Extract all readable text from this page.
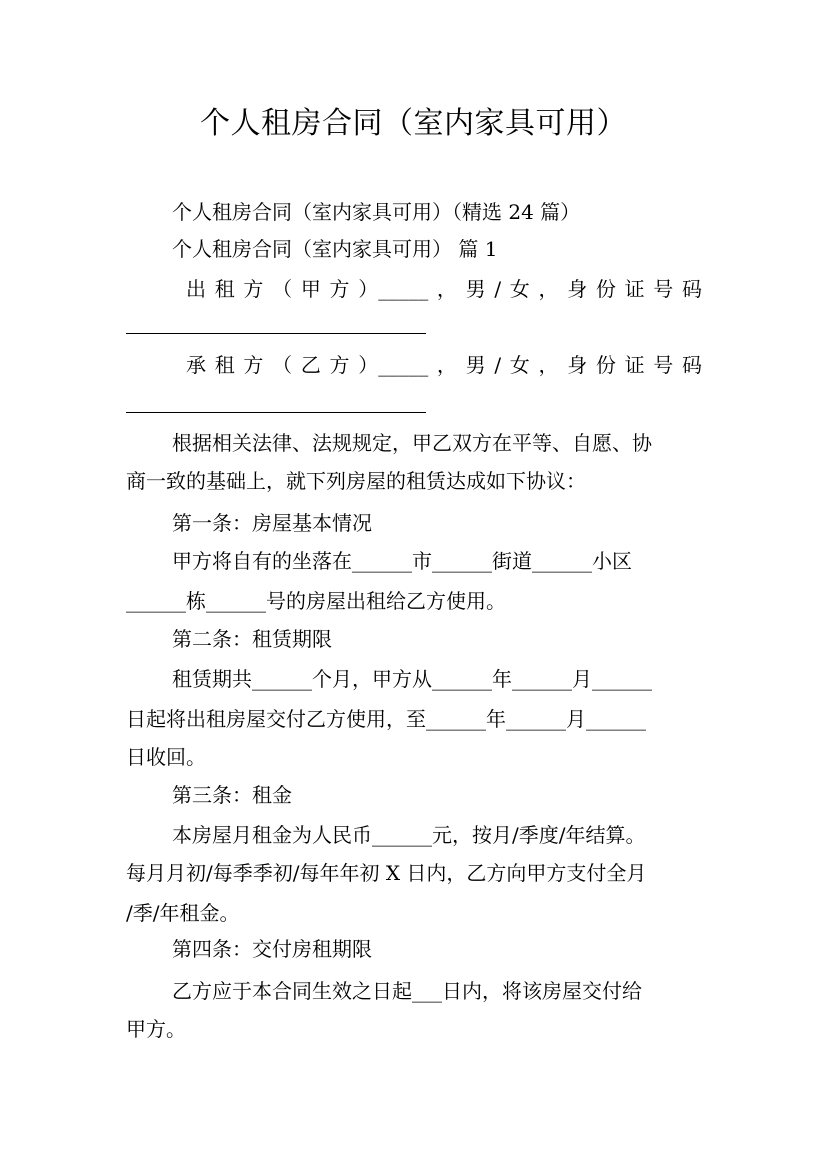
个人租房合同（室内家具可用）
个人租房合同（室内家具可用）（精选 24 篇）
个人租房合同（室内家具可用） 篇 1
出 租 方 （ 甲 方 ）_____ ， 男 / 女 ， 身 份 证 号 码
承 租 方 （ 乙 方 ）_____ ， 男 / 女 ， 身 份 证 号 码
根据相关法律、法规规定，甲乙双方在平等、自愿、协
商一致的基础上，就下列房屋的租赁达成如下协议：
第一条：房屋基本情况
甲方将自有的坐落在______市______街道______小区
______栋______号的房屋出租给乙方使用。
第二条：租赁期限
租赁期共______个月，甲方从______年______月______
日起将出租房屋交付乙方使用，至______年______月______
日收回。
第三条：租金
本房屋月租金为人民币______元，按月/季度/年结算。
每月月初/每季季初/每年年初 X 日内，乙方向甲方支付全月
/季/年租金。
第四条：交付房租期限
乙方应于本合同生效之日起___日内，将该房屋交付给
甲方。
